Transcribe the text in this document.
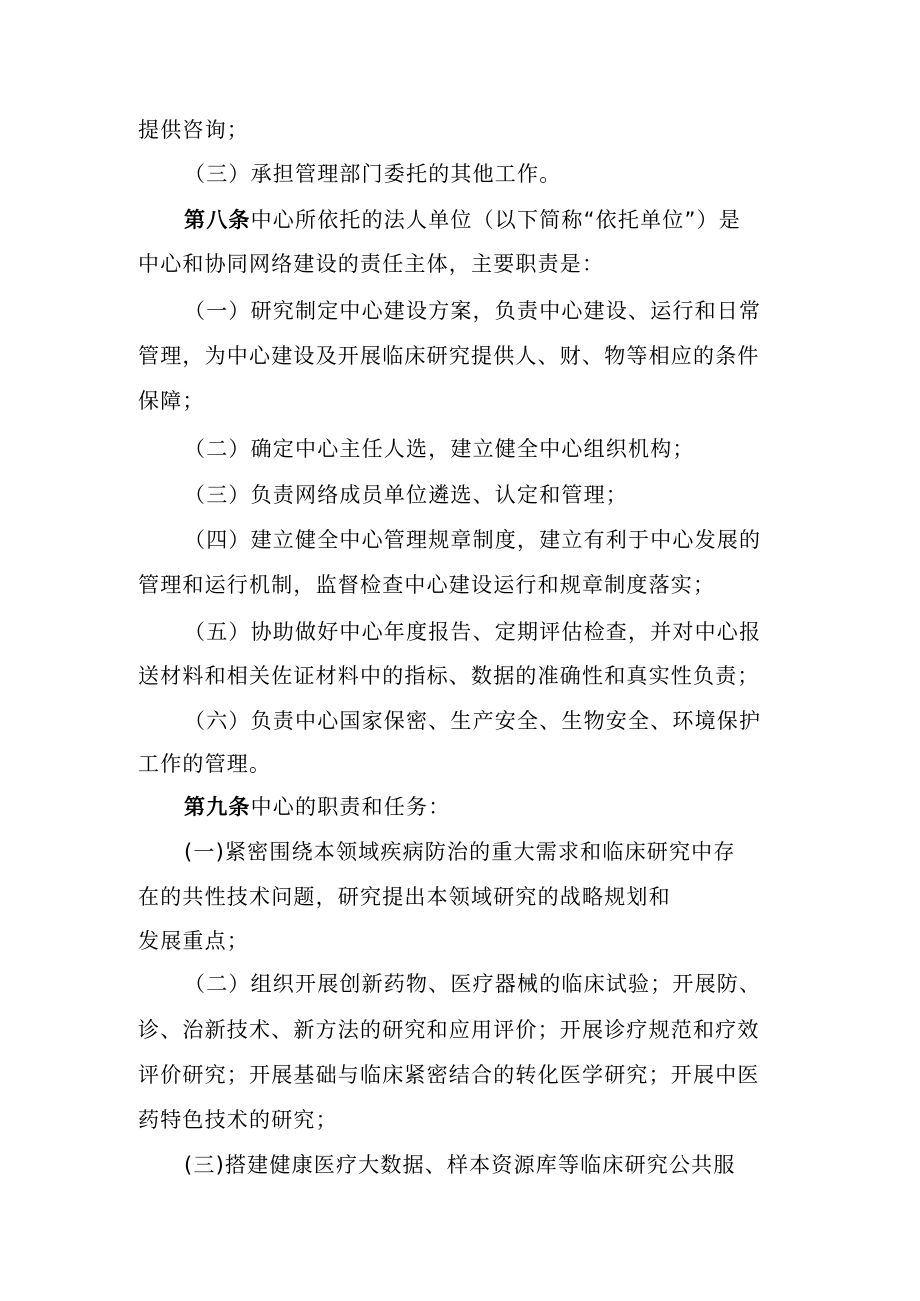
提供咨询；
（三）承担管理部门委托的其他工作。
第八条中心所依托的法人单位（以下简称“依托单位”）是
中心和协同网络建设的责任主体，主要职责是：
（一）研究制定中心建设方案，负责中心建设、运行和日常
管理，为中心建设及开展临床研究提供人、财、物等相应的条件
保障；
（二）确定中心主任人选，建立健全中心组织机构；
（三）负责网络成员单位遴选、认定和管理；
（四）建立健全中心管理规章制度，建立有利于中心发展的
管理和运行机制，监督检查中心建设运行和规章制度落实；
（五）协助做好中心年度报告、定期评估检查，并对中心报
送材料和相关佐证材料中的指标、数据的准确性和真实性负责；
（六）负责中心国家保密、生产安全、生物安全、环境保护
工作的管理。
第九条中心的职责和任务：
(一)紧密围绕本领域疾病防治的重大需求和临床研究中存
在的共性技术问题，研究提出本领域研究的战略规划和
发展重点；
（二）组织开展创新药物、医疗器械的临床试验；开展防、
诊、治新技术、新方法的研究和应用评价；开展诊疗规范和疗效
评价研究；开展基础与临床紧密结合的转化医学研究；开展中医
药特色技术的研究；
(三)搭建健康医疗大数据、样本资源库等临床研究公共服
